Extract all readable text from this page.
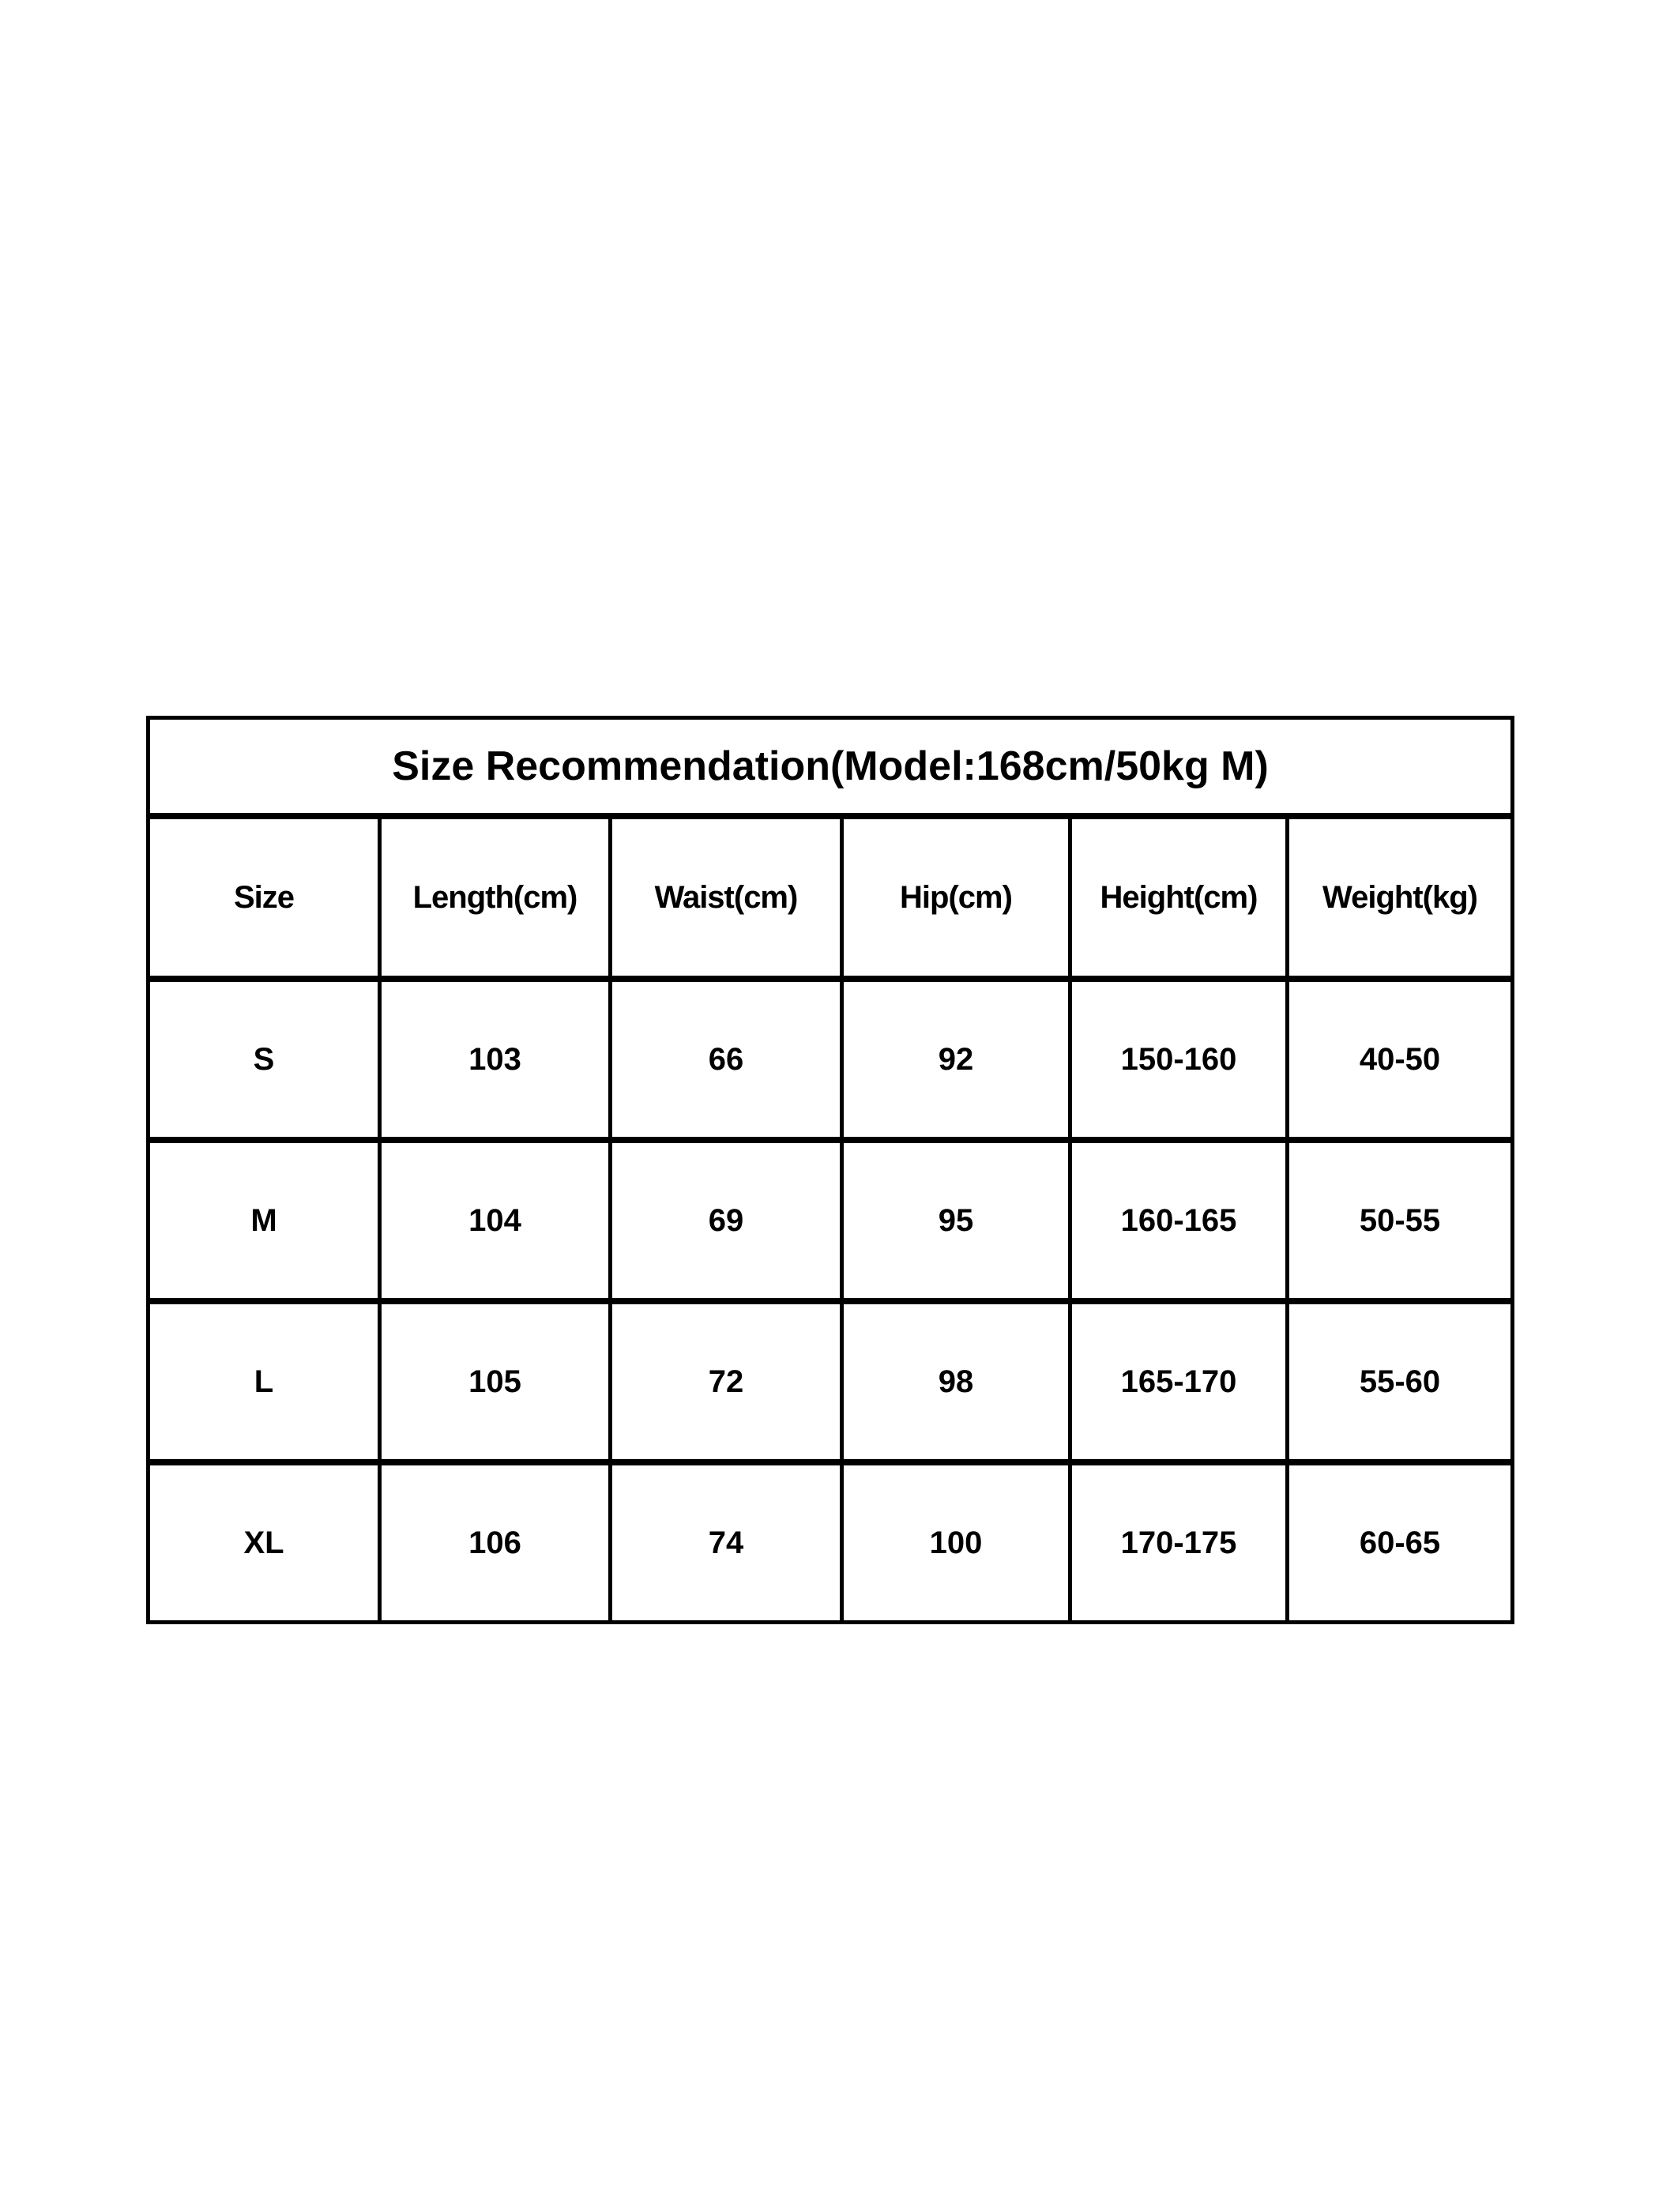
Size Recommendation(Model:168cm/50kg M)					
Size	Length(cm)	Waist(cm)	Hip(cm)	Height(cm)	Weight(kg)
S	103	66	92	150-160	40-50
M	104	69	95	160-165	50-55
L	105	72	98	165-170	55-60
XL	106	74	100	170-175	60-65
